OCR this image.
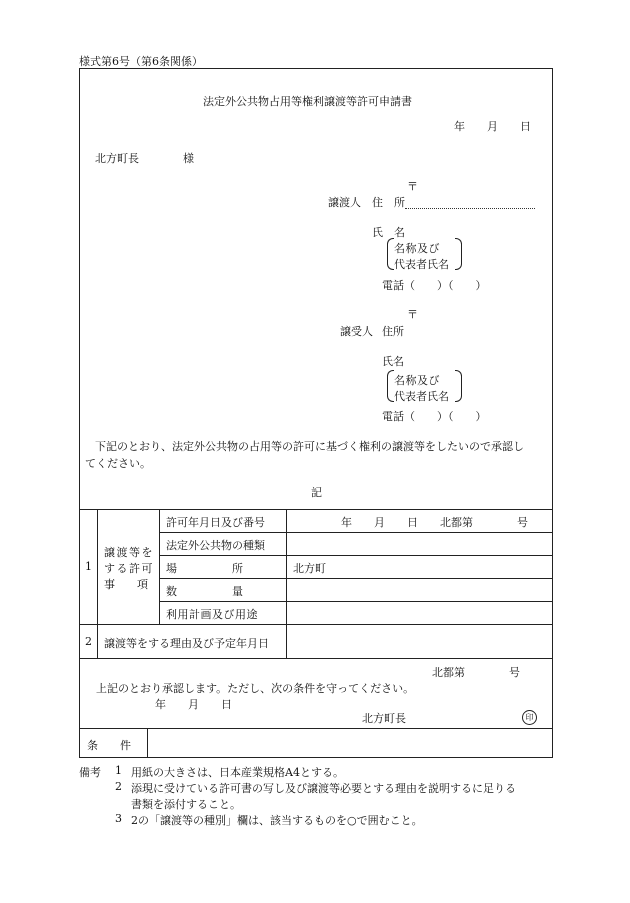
様式第6号（第6条関係）
法定外公共物占用等権利譲渡等許可申請書
年　　月　　日
北方町長　　　　様
〒
譲渡人 住　所
氏　名
名称及び
代表者氏名
電話（　　）（　　）
〒
譲受人 住所
氏名
名称及び
代表者氏名
電話（　　）（　　）
下記のとおり、法定外公共物の占用等の許可に基づく権利の譲渡等をしたいので承認し
てください。
記
1
譲渡等を
する許可
事　　項
許可年月日及び番号	年　　月　　日　　北都第　　　　号
法定外公共物の種類
場　　　　　所	北方町
数　　　　　量
利用計画及び用途
2 譲渡等をする理由及び予定年月日
北都第　　　　号
上記のとおり承認します。ただし、次の条件を守ってください。
年　　月　　日
北方町長	印
条　　件
備考 1 用紙の大きさは、日本産業規格A4とする。
2 添現に受けている許可書の写し及び譲渡等必要とする理由を説明するに足りる
書類を添付すること。
3 2の「譲渡等の種別」欄は、該当するものを○で囲むこと。
